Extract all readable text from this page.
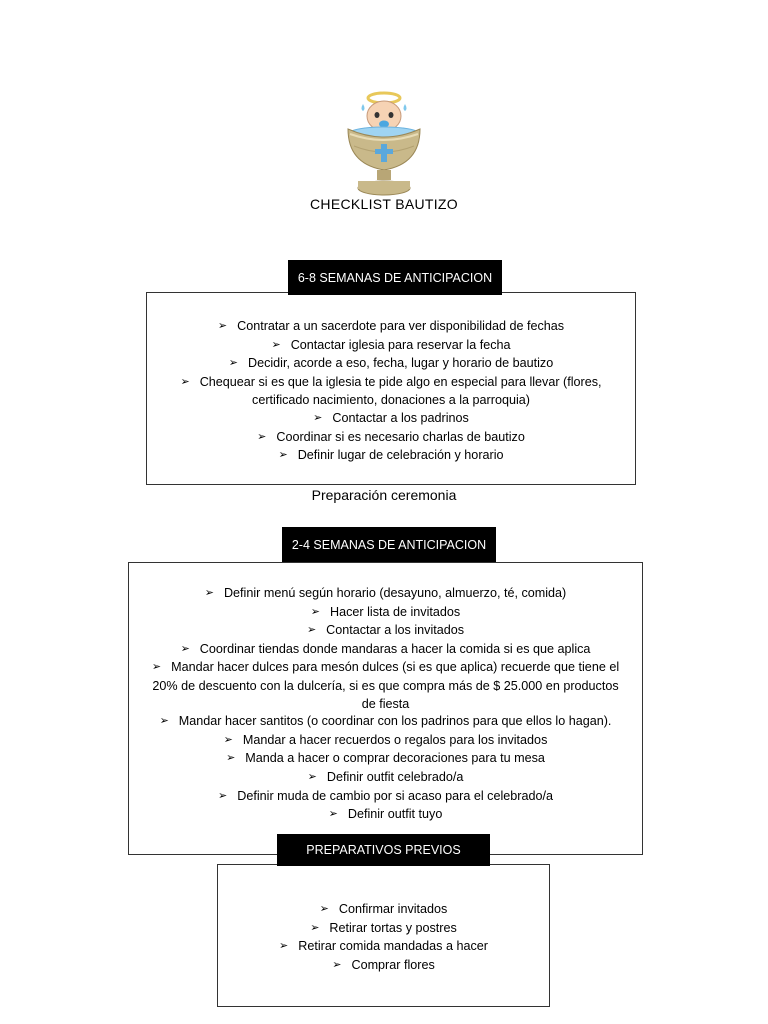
CHECKLIST BAUTIZO
➢ Contratar a un sacerdote para ver disponibilidad de fechas
➢ Contactar iglesia para reservar la fecha
➢ Decidir, acorde a eso, fecha, lugar y horario de bautizo
➢ Chequear si es que la iglesia te pide algo en especial para llevar (flores, certificado nacimiento, donaciones a la parroquia)
➢ Contactar a los padrinos
➢ Coordinar si es necesario charlas de bautizo
➢ Definir lugar de celebración y horario
6-8 SEMANAS DE ANTICIPACION
Preparación ceremonia
➢ Definir menú según horario (desayuno, almuerzo, té, comida)
➢ Hacer lista de invitados
➢ Contactar a los invitados
➢ Coordinar tiendas donde mandaras a hacer la comida si es que aplica
➢ Mandar hacer dulces para mesón dulces (si es que aplica) recuerde que tiene el 20% de descuento con la dulcería, si es que compra más de $ 25.000 en productos de fiesta
➢ Mandar hacer santitos (o coordinar con los padrinos para que ellos lo hagan).
➢ Mandar a hacer recuerdos o regalos para los invitados
➢ Manda a hacer o comprar decoraciones para tu mesa
➢ Definir outfit celebrado/a
➢ Definir muda de cambio por si acaso para el celebrado/a
➢ Definir outfit tuyo
2-4 SEMANAS DE ANTICIPACION
➢ Confirmar invitados
➢ Retirar tortas y postres
➢ Retirar comida mandadas a hacer
➢ Comprar flores
PREPARATIVOS PREVIOS
